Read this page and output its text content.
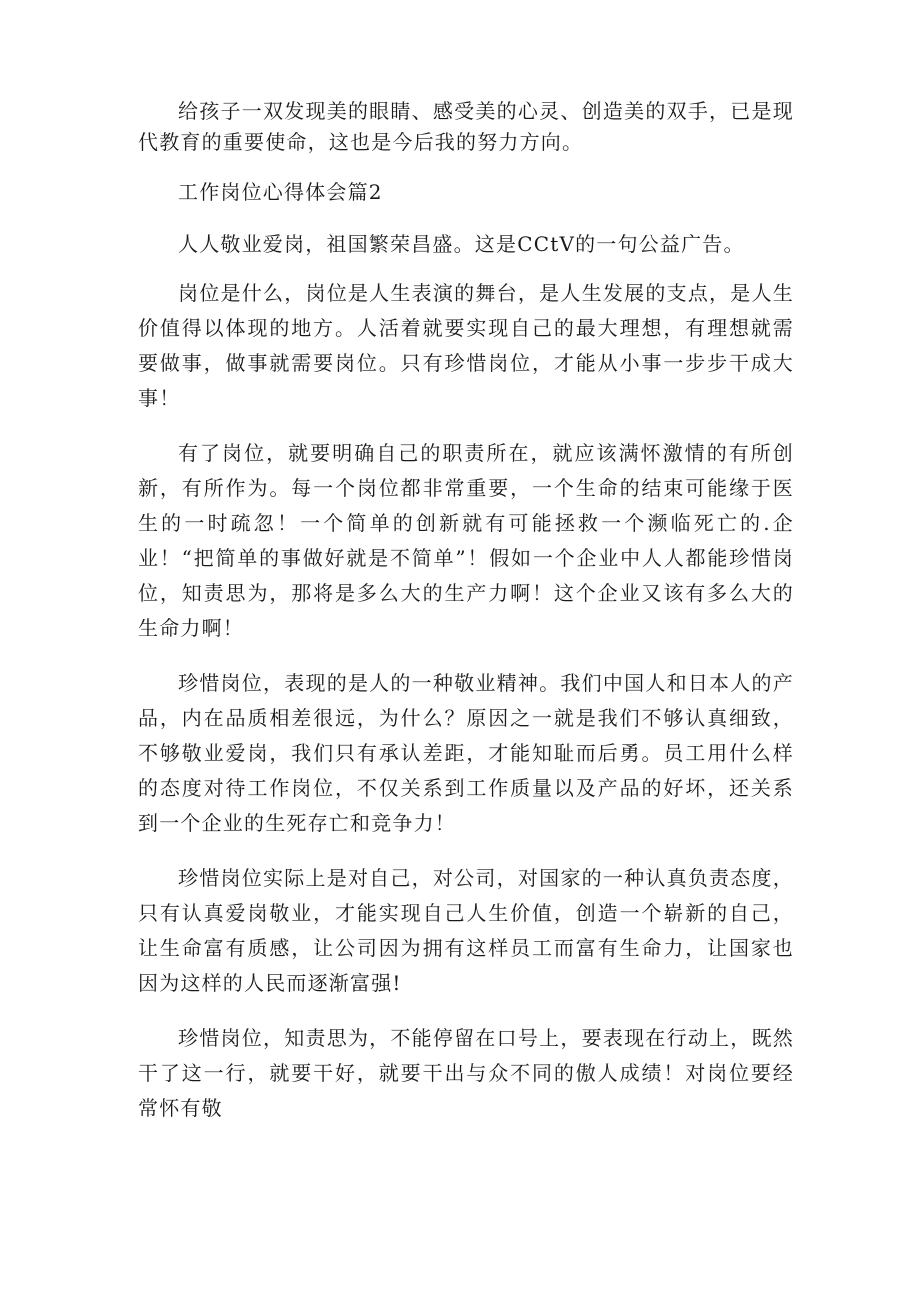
给孩子一双发现美的眼睛、感受美的心灵、创造美的双手，已是现代教育的重要使命，这也是今后我的努力方向。

工作岗位心得体会篇2

人人敬业爱岗，祖国繁荣昌盛。这是CCtV的一句公益广告。

岗位是什么，岗位是人生表演的舞台，是人生发展的支点，是人生价值得以体现的地方。人活着就要实现自己的最大理想，有理想就需要做事，做事就需要岗位。只有珍惜岗位，才能从小事一步步干成大事！

有了岗位，就要明确自己的职责所在，就应该满怀激情的有所创新，有所作为。每一个岗位都非常重要，一个生命的结束可能缘于医生的一时疏忽！一个简单的创新就有可能拯救一个濒临死亡的.企业！“把简单的事做好就是不简单”！假如一个企业中人人都能珍惜岗位，知责思为，那将是多么大的生产力啊！这个企业又该有多么大的生命力啊！

珍惜岗位，表现的是人的一种敬业精神。我们中国人和日本人的产品，内在品质相差很远，为什么？原因之一就是我们不够认真细致，不够敬业爱岗，我们只有承认差距，才能知耻而后勇。员工用什么样的态度对待工作岗位，不仅关系到工作质量以及产品的好坏，还关系到一个企业的生死存亡和竞争力！

珍惜岗位实际上是对自己，对公司，对国家的一种认真负责态度，只有认真爱岗敬业，才能实现自己人生价值，创造一个崭新的自己，让生命富有质感，让公司因为拥有这样员工而富有生命力，让国家也因为这样的人民而逐渐富强!

珍惜岗位，知责思为，不能停留在口号上，要表现在行动上，既然干了这一行，就要干好，就要干出与众不同的傲人成绩！对岗位要经常怀有敬
